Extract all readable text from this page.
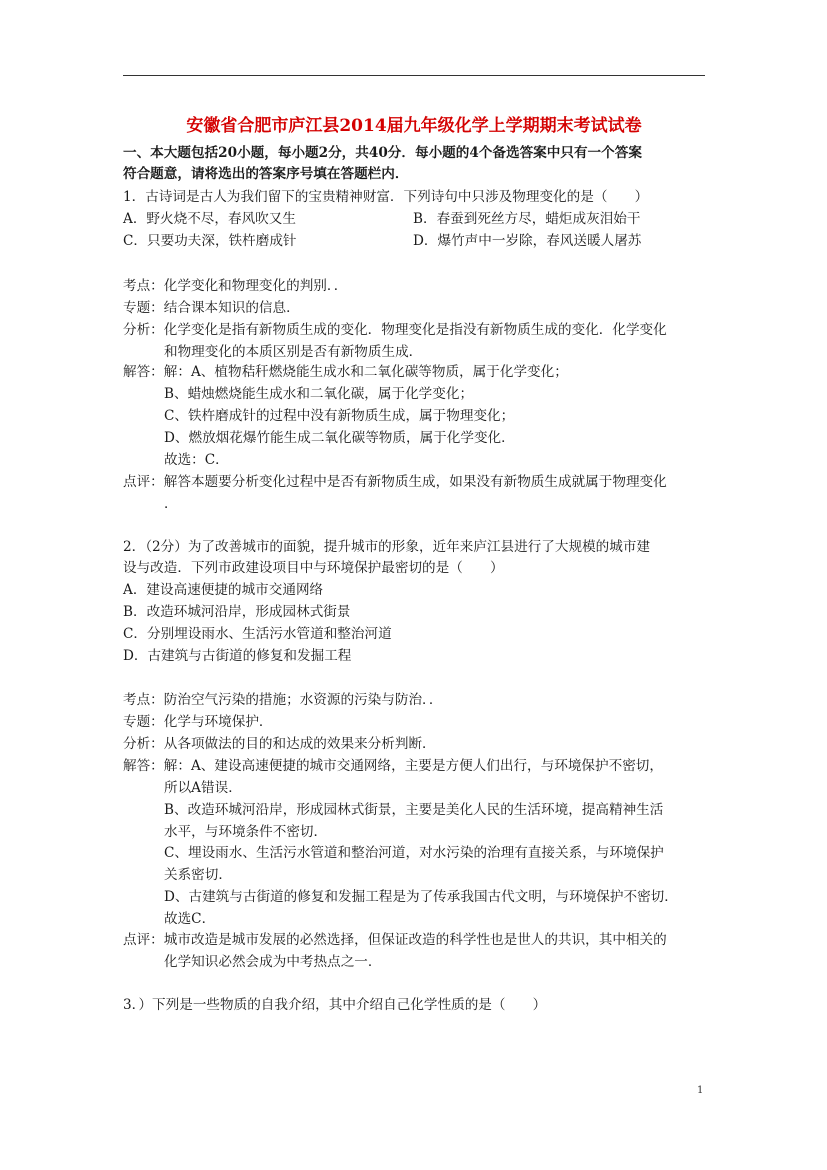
安徽省合肥市庐江县2014届九年级化学上学期期末考试试卷
一、本大题包括20小题，每小题2分，共40分．每小题的4个备选答案中只有一个答案
符合题意，请将选出的答案序号填在答题栏内．
1．古诗词是古人为我们留下的宝贵精神财富．下列诗句中只涉及物理变化的是（　　）
A．野火烧不尽，春风吹又生	B．春蚕到死丝方尽，蜡炬成灰泪始干
C．只要功夫深，铁杵磨成针	D．爆竹声中一岁除，春风送暖人屠苏
考点：化学变化和物理变化的判别．．
专题：结合课本知识的信息．
分析：化学变化是指有新物质生成的变化．物理变化是指没有新物质生成的变化．化学变化
和物理变化的本质区别是否有新物质生成．
解答：解：A、植物秸秆燃烧能生成水和二氧化碳等物质，属于化学变化；
B、蜡烛燃烧能生成水和二氧化碳，属于化学变化；
C、铁杵磨成针的过程中没有新物质生成，属于物理变化；
D、燃放烟花爆竹能生成二氧化碳等物质，属于化学变化．
故选：C．
点评：解答本题要分析变化过程中是否有新物质生成，如果没有新物质生成就属于物理变化
．
2．（2分）为了改善城市的面貌，提升城市的形象，近年来庐江县进行了大规模的城市建
设与改造．下列市政建设项目中与环境保护最密切的是（　　）
A．建设高速便捷的城市交通网络
B．改造环城河沿岸，形成园林式街景
C．分别埋设雨水、生活污水管道和整治河道
D．古建筑与古街道的修复和发掘工程
考点：防治空气污染的措施；水资源的污染与防治．．
专题：化学与环境保护．
分析：从各项做法的目的和达成的效果来分析判断．
解答：解：A、建设高速便捷的城市交通网络，主要是方便人们出行，与环境保护不密切，
所以A错误．
B、改造环城河沿岸，形成园林式街景，主要是美化人民的生活环境，提高精神生活
水平，与环境条件不密切．
C、埋设雨水、生活污水管道和整治河道，对水污染的治理有直接关系，与环境保护
关系密切．
D、古建筑与古街道的修复和发掘工程是为了传承我国古代文明，与环境保护不密切．
故选C．
点评：城市改造是城市发展的必然选择，但保证改造的科学性也是世人的共识，其中相关的
化学知识必然会成为中考热点之一．
3．）下列是一些物质的自我介绍，其中介绍自己化学性质的是（　　）
1
